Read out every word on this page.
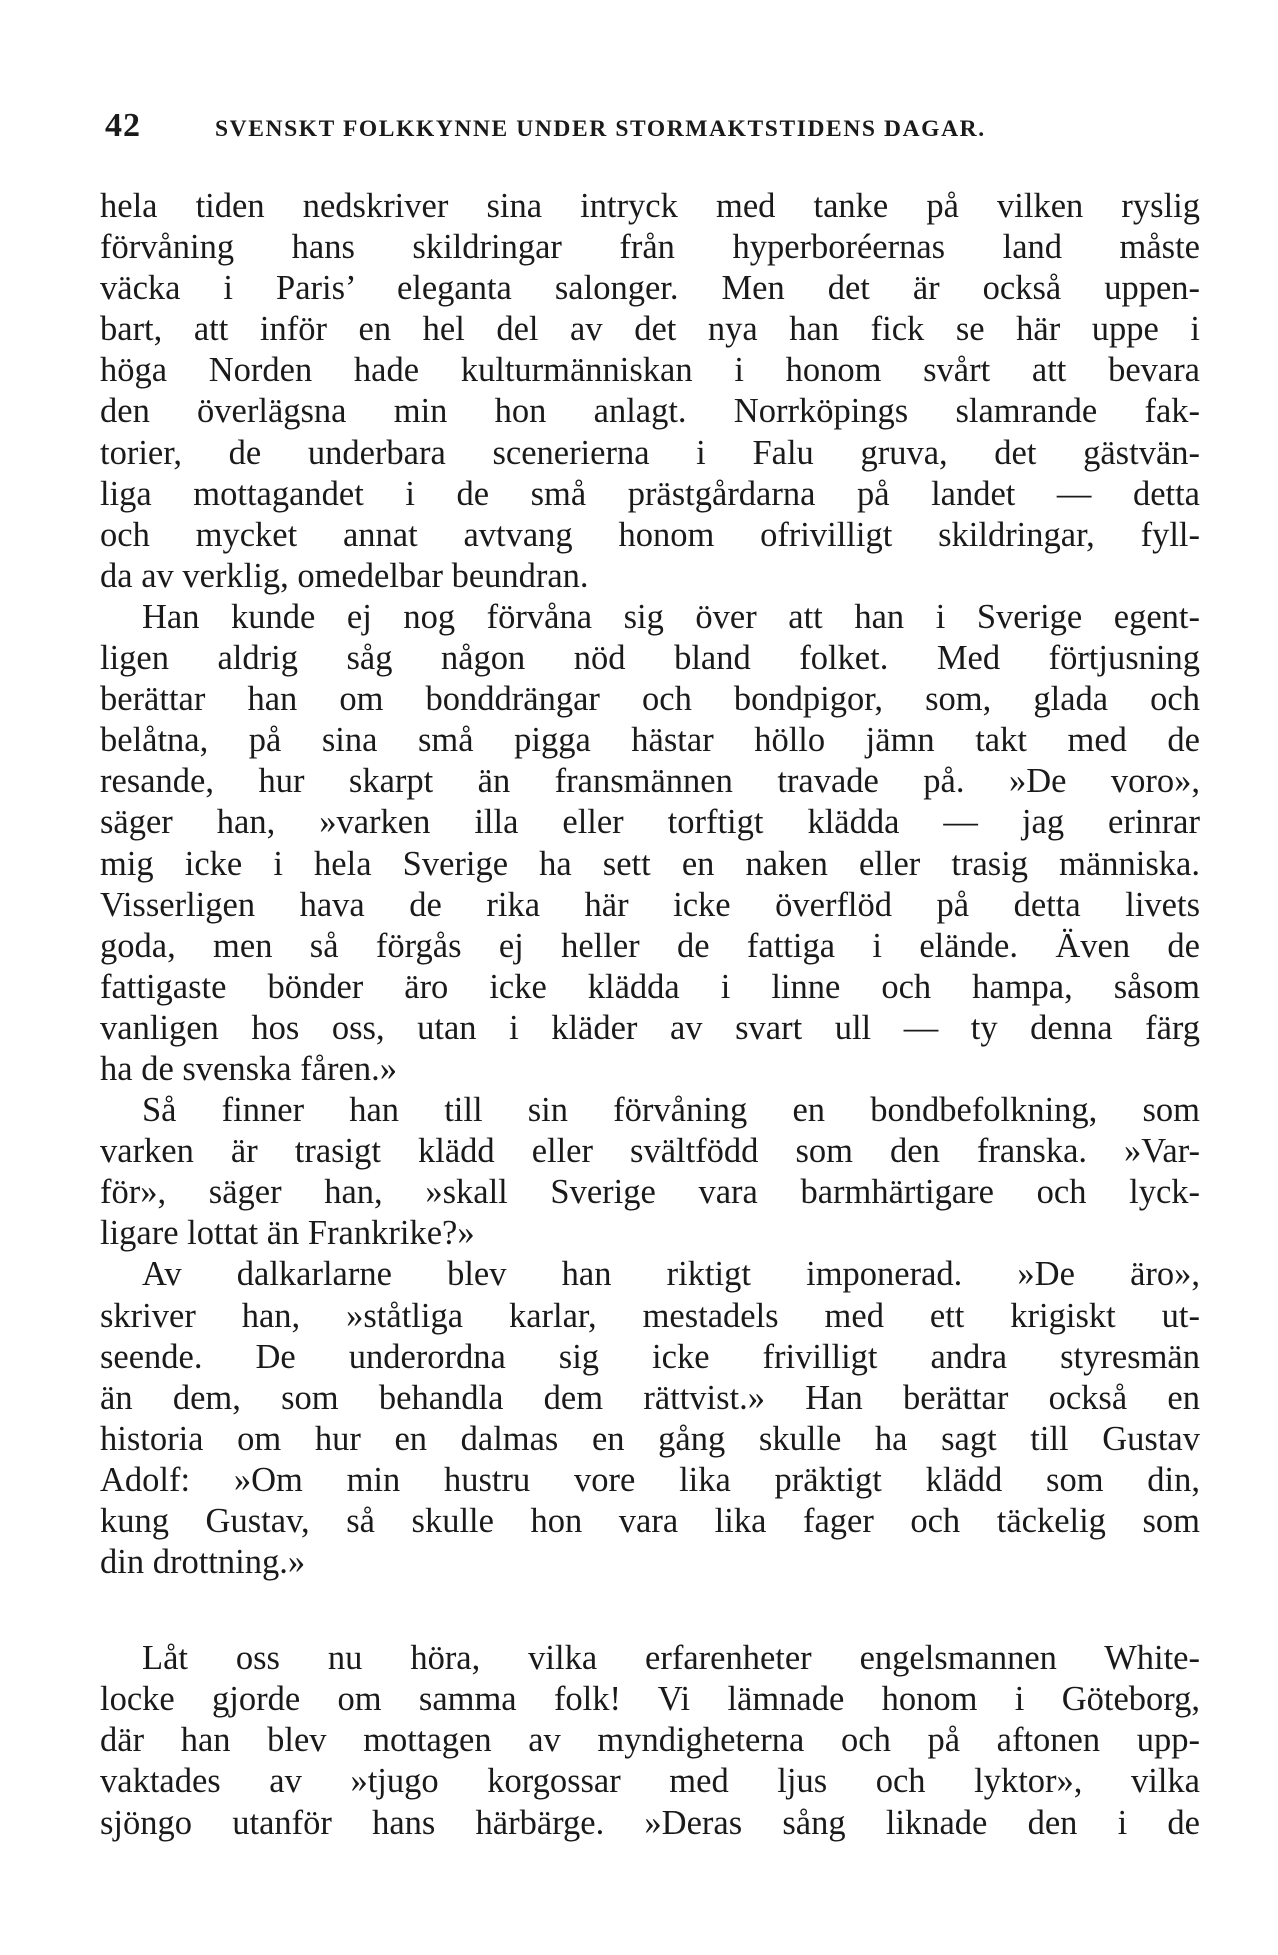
42	SVENSKT FOLKKYNNE UNDER STORMAKTSTIDENS DAGAR.
hela tiden nedskriver sina intryck med tanke på vilken ryslig
förvåning hans skildringar från hyperboréernas land måste
väcka i Paris’ eleganta salonger. Men det är också uppen-
bart, att inför en hel del av det nya han fick se här uppe i
höga Norden hade kulturmänniskan i honom svårt att bevara
den överlägsna min hon anlagt. Norrköpings slamrande fak-
torier, de underbara scenerierna i Falu gruva, det gästvän-
liga mottagandet i de små prästgårdarna på landet — detta
och mycket annat avtvang honom ofrivilligt skildringar, fyll-
da av verklig, omedelbar beundran.
Han kunde ej nog förvåna sig över att han i Sverige egent-
ligen aldrig såg någon nöd bland folket. Med förtjusning
berättar han om bonddrängar och bondpigor, som, glada och
belåtna, på sina små pigga hästar höllo jämn takt med de
resande, hur skarpt än fransmännen travade på. »De voro»,
säger han, »varken illa eller torftigt klädda — jag erinrar
mig icke i hela Sverige ha sett en naken eller trasig människa.
Visserligen hava de rika här icke överflöd på detta livets
goda, men så förgås ej heller de fattiga i elände. Även de
fattigaste bönder äro icke klädda i linne och hampa, såsom
vanligen hos oss, utan i kläder av svart ull — ty denna färg
ha de svenska fåren.»
Så finner han till sin förvåning en bondbefolkning, som
varken är trasigt klädd eller svältfödd som den franska. »Var-
för», säger han, »skall Sverige vara barmhärtigare och lyck-
ligare lottat än Frankrike?»
Av dalkarlarne blev han riktigt imponerad. »De äro»,
skriver han, »ståtliga karlar, mestadels med ett krigiskt ut-
seende. De underordna sig icke frivilligt andra styresmän
än dem, som behandla dem rättvist.» Han berättar också en
historia om hur en dalmas en gång skulle ha sagt till Gustav
Adolf: »Om min hustru vore lika präktigt klädd som din,
kung Gustav, så skulle hon vara lika fager och täckelig som
din drottning.»
Låt oss nu höra, vilka erfarenheter engelsmannen White-
locke gjorde om samma folk! Vi lämnade honom i Göteborg,
där han blev mottagen av myndigheterna och på aftonen upp-
vaktades av »tjugo korgossar med ljus och lyktor», vilka
sjöngo utanför hans härbärge. »Deras sång liknade den i de
